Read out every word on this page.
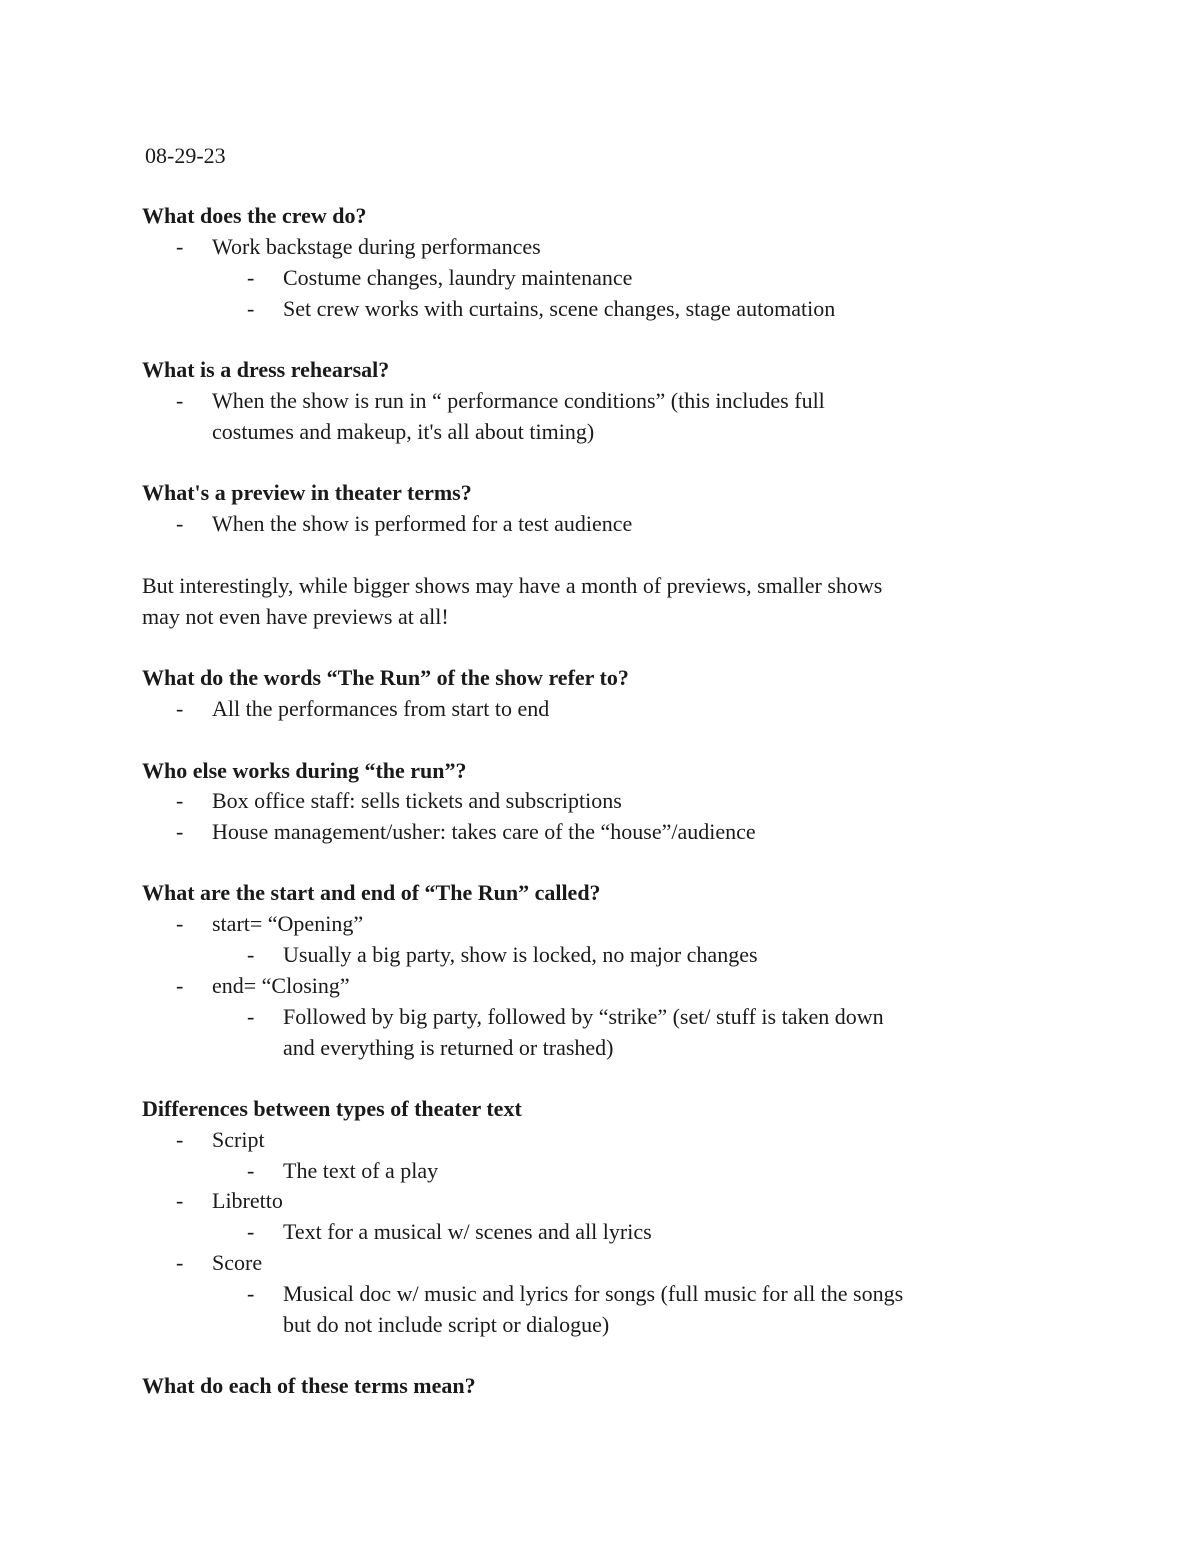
08-29-23
What does the crew do?
- Work backstage during performances
- Costume changes, laundry maintenance
- Set crew works with curtains, scene changes, stage automation
What is a dress rehearsal?
- When the show is run in “ performance conditions” (this includes full
costumes and makeup, it's all about timing)
What's a preview in theater terms?
- When the show is performed for a test audience
But interestingly, while bigger shows may have a month of previews, smaller shows
may not even have previews at all!
What do the words “The Run” of the show refer to?
- All the performances from start to end
Who else works during “the run”?
- Box office staff: sells tickets and subscriptions
- House management/usher: takes care of the “house”/audience
What are the start and end of “The Run” called?
- start= “Opening”
- Usually a big party, show is locked, no major changes
- end= “Closing”
- Followed by big party, followed by “strike” (set/ stuff is taken down
and everything is returned or trashed)
Differences between types of theater text
- Script
- The text of a play
- Libretto
- Text for a musical w/ scenes and all lyrics
- Score
- Musical doc w/ music and lyrics for songs (full music for all the songs
but do not include script or dialogue)
What do each of these terms mean?
